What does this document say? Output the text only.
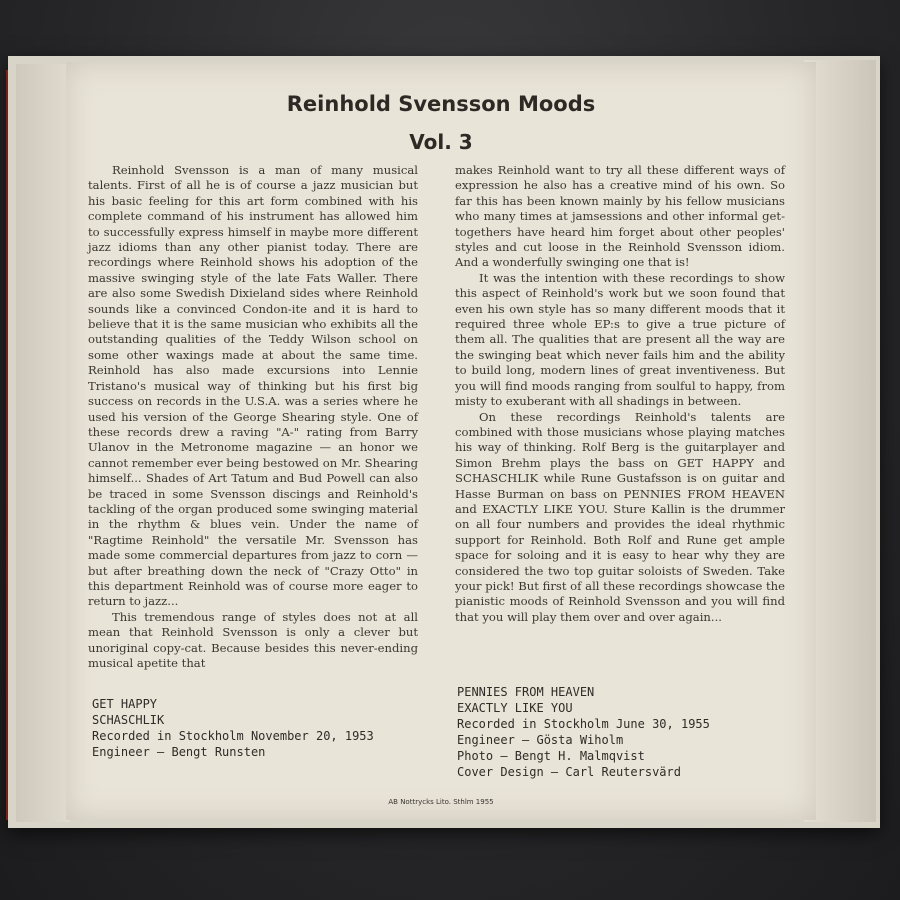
Reinhold Svensson Moods
Vol. 3

Reinhold Svensson is a man of many musical talents. First of all he is of course a jazz musician but his basic feeling for this art form combined with his complete command of his instrument has allowed him to successfully express himself in maybe more different jazz idioms than any other pianist today. There are recordings where Reinhold shows his adoption of the massive swinging style of the late Fats Waller. There are also some Swedish Dixieland sides where Reinhold sounds like a convinced Condon-ite and it is hard to believe that it is the same musician who exhibits all the outstanding qualities of the Teddy Wilson school on some other waxings made at about the same time. Reinhold has also made excursions into Lennie Tristano's musical way of thinking but his first big success on records in the U.S.A. was a series where he used his version of the George Shearing style. One of these records drew a raving "A-" rating from Barry Ulanov in the Metronome magazine — an honor we cannot remember ever being bestowed on Mr. Shearing himself... Shades of Art Tatum and Bud Powell can also be traced in some Svensson discings and Reinhold's tackling of the organ produced some swinging material in the rhythm & blues vein. Under the name of "Ragtime Reinhold" the versatile Mr. Svensson has made some commercial departures from jazz to corn — but after breathing down the neck of "Crazy Otto" in this department Reinhold was of course more eager to return to jazz...

This tremendous range of styles does not at all mean that Reinhold Svensson is only a clever but unoriginal copy-cat. Because besides this never-ending musical apetite that

makes Reinhold want to try all these different ways of expression he also has a creative mind of his own. So far this has been known mainly by his fellow musicians who many times at jamsessions and other informal get-togethers have heard him forget about other peoples' styles and cut loose in the Reinhold Svensson idiom. And a wonderfully swinging one that is!

It was the intention with these recordings to show this aspect of Reinhold's work but we soon found that even his own style has so many different moods that it required three whole EP:s to give a true picture of them all. The qualities that are present all the way are the swinging beat which never fails him and the ability to build long, modern lines of great inventiveness. But you will find moods ranging from soulful to happy, from misty to exuberant with all shadings in between.

On these recordings Reinhold's talents are combined with those musicians whose playing matches his way of thinking. Rolf Berg is the guitarplayer and Simon Brehm plays the bass on GET HAPPY and SCHASCHLIK while Rune Gustafsson is on guitar and Hasse Burman on bass on PENNIES FROM HEAVEN and EXACTLY LIKE YOU. Sture Kallin is the drummer on all four numbers and provides the ideal rhythmic support for Reinhold. Both Rolf and Rune get ample space for soloing and it is easy to hear why they are considered the two top guitar soloists of Sweden. Take your pick! But first of all these recordings showcase the pianistic moods of Reinhold Svensson and you will find that you will play them over and over again...

GET HAPPY
SCHASCHLIK
Recorded in Stockholm November 20, 1953
Engineer — Bengt Runsten
PENNIES FROM HEAVEN
EXACTLY LIKE YOU
Recorded in Stockholm June 30, 1955
Engineer — Gösta Wiholm
Photo — Bengt H. Malmqvist
Cover Design — Carl Reutersvärd
AB Nottrycks Lito. Sthlm 1955
